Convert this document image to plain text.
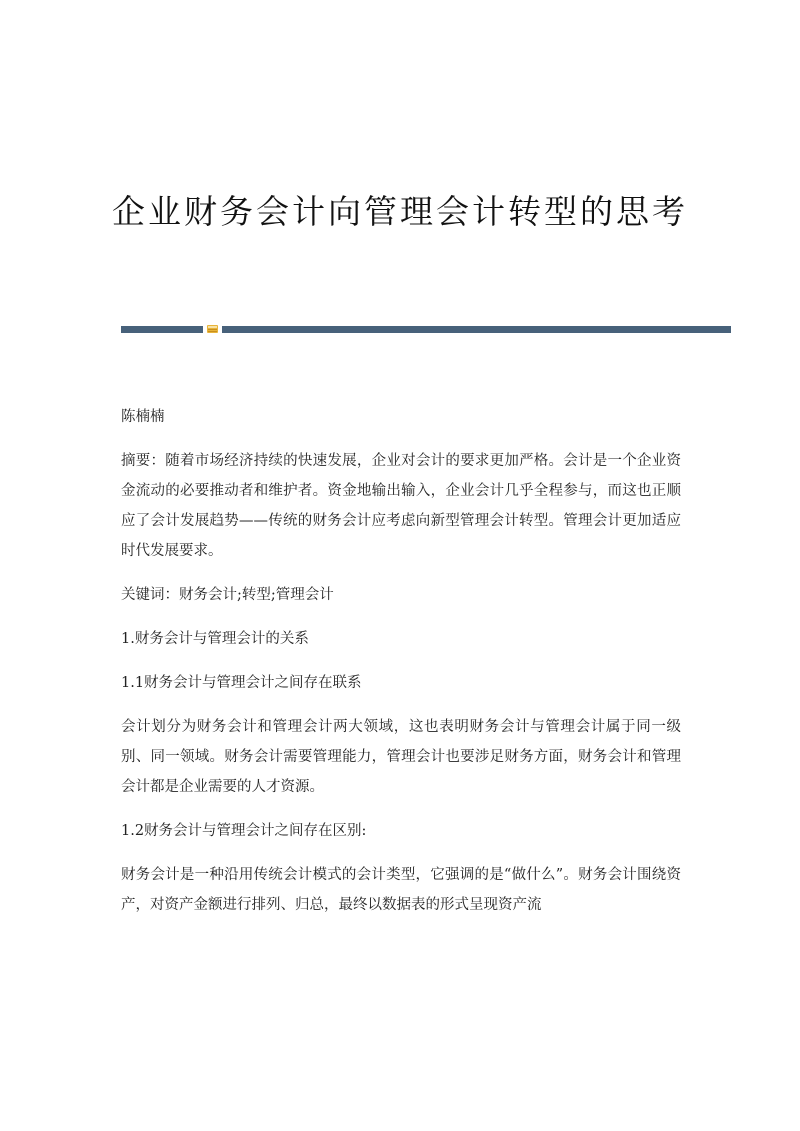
企业财务会计向管理会计转型的思考

陈楠楠

摘要：随着市场经济持续的快速发展，企业对会计的要求更加严格。会计是一个企业资金流动的必要推动者和维护者。资金地输出输入，企业会计几乎全程参与，而这也正顺应了会计发展趋势——传统的财务会计应考虑向新型管理会计转型。管理会计更加适应时代发展要求。

关键词：财务会计;转型;管理会计

1.财务会计与管理会计的关系

1.1财务会计与管理会计之间存在联系

会计划分为财务会计和管理会计两大领域，这也表明财务会计与管理会计属于同一级别、同一领域。财务会计需要管理能力，管理会计也要涉足财务方面，财务会计和管理会计都是企业需要的人才资源。

1.2财务会计与管理会计之间存在区别:

财务会计是一种沿用传统会计模式的会计类型，它强调的是“做什么”。财务会计围绕资产，对资产金额进行排列、归总，最终以数据表的形式呈现资产流
